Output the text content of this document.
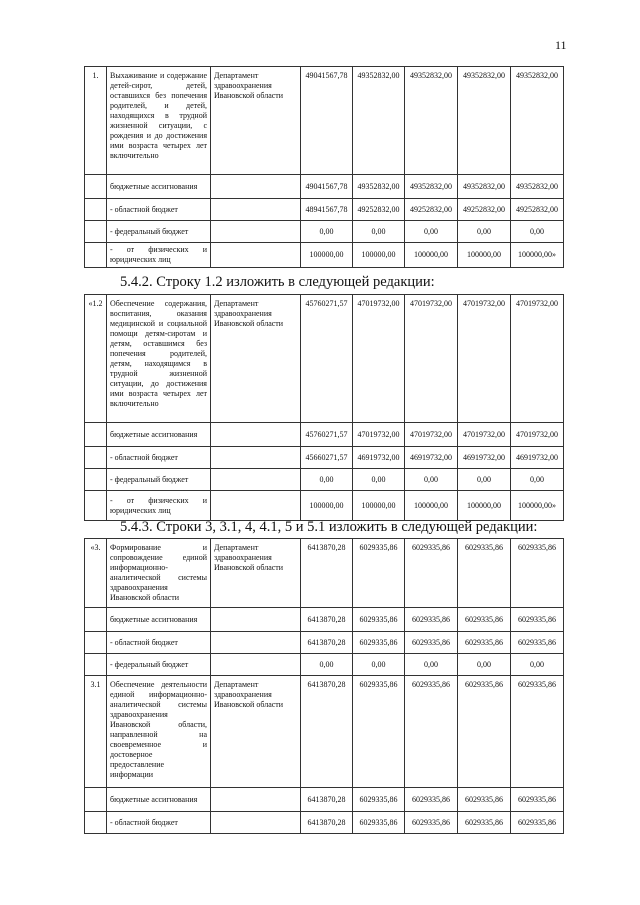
11
1.	Выхаживание и содержание детей-сирот, детей, оставшихся без попечения родителей, и детей, находящихся в трудной жизненной ситуации, с рождения и до достижения ими возраста четырех лет включительно	Департамент здравоохранения Ивановской области	49041567,78	49352832,00	49352832,00	49352832,00	49352832,00
	бюджетные ассигнования		49041567,78	49352832,00	49352832,00	49352832,00	49352832,00
	- областной бюджет		48941567,78	49252832,00	49252832,00	49252832,00	49252832,00
	- федеральный бюджет		0,00	0,00	0,00	0,00	0,00
	- от физических и юридических лиц		100000,00	100000,00	100000,00	100000,00	100000,00»
5.4.2. Строку 1.2 изложить в следующей редакции:
«1.2	Обеспечение содержания, воспитания, оказания медицинской и социальной помощи детям-сиротам и детям, оставшимся без попечения родителей, детям, находящимся в трудной жизненной ситуации, до достижения ими возраста четырех лет включительно	Департамент здравоохранения Ивановской области	45760271,57	47019732,00	47019732,00	47019732,00	47019732,00
	бюджетные ассигнования		45760271,57	47019732,00	47019732,00	47019732,00	47019732,00
	- областной бюджет		45660271,57	46919732,00	46919732,00	46919732,00	46919732,00
	- федеральный бюджет		0,00	0,00	0,00	0,00	0,00
	- от физических и юридических лиц		100000,00	100000,00	100000,00	100000,00	100000,00»
5.4.3. Строки 3, 3.1, 4, 4.1, 5 и 5.1 изложить в следующей редакции:
«3.	Формирование и сопровождение единой информационно-аналитической системы здравоохранения Ивановской области	Департамент здравоохранения Ивановской области	6413870,28	6029335,86	6029335,86	6029335,86	6029335,86
	бюджетные ассигнования		6413870,28	6029335,86	6029335,86	6029335,86	6029335,86
	- областной бюджет		6413870,28	6029335,86	6029335,86	6029335,86	6029335,86
	- федеральный бюджет		0,00	0,00	0,00	0,00	0,00
3.1	Обеспечение деятельности единой информационно-аналитической системы здравоохранения Ивановской области, направленной на своевременное и достоверное предоставление информации	Департамент здравоохранения Ивановской области	6413870,28	6029335,86	6029335,86	6029335,86	6029335,86
	бюджетные ассигнования		6413870,28	6029335,86	6029335,86	6029335,86	6029335,86
	- областной бюджет		6413870,28	6029335,86	6029335,86	6029335,86	6029335,86
